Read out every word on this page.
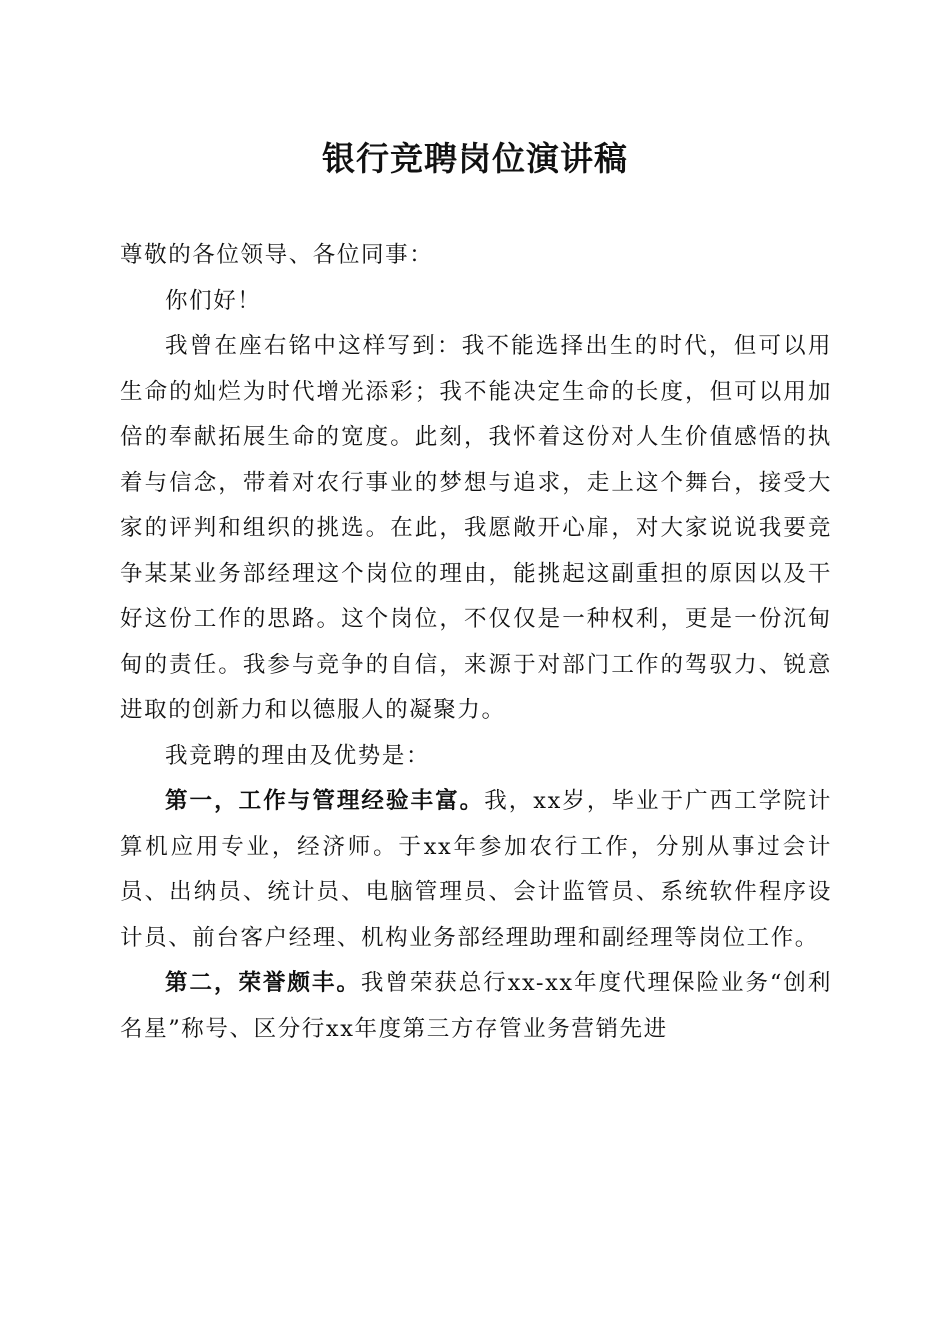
银行竞聘岗位演讲稿

尊敬的各位领导、各位同事：

你们好！

我曾在座右铭中这样写到：我不能选择出生的时代，但可以用生命的灿烂为时代增光添彩；我不能决定生命的长度，但可以用加倍的奉献拓展生命的宽度。此刻，我怀着这份对人生价值感悟的执着与信念，带着对农行事业的梦想与追求，走上这个舞台，接受大家的评判和组织的挑选。在此，我愿敞开心扉，对大家说说我要竞争某某业务部经理这个岗位的理由，能挑起这副重担的原因以及干好这份工作的思路。这个岗位，不仅仅是一种权利，更是一份沉甸甸的责任。我参与竞争的自信，来源于对部门工作的驾驭力、锐意进取的创新力和以德服人的凝聚力。

我竞聘的理由及优势是：

第一，工作与管理经验丰富。我，xx岁，毕业于广西工学院计算机应用专业，经济师。于xx年参加农行工作，分别从事过会计员、出纳员、统计员、电脑管理员、会计监管员、系统软件程序设计员、前台客户经理、机构业务部经理助理和副经理等岗位工作。

第二，荣誉颇丰。我曾荣获总行xx-xx年度代理保险业务“创利名星”称号、区分行xx年度第三方存管业务营销先进
